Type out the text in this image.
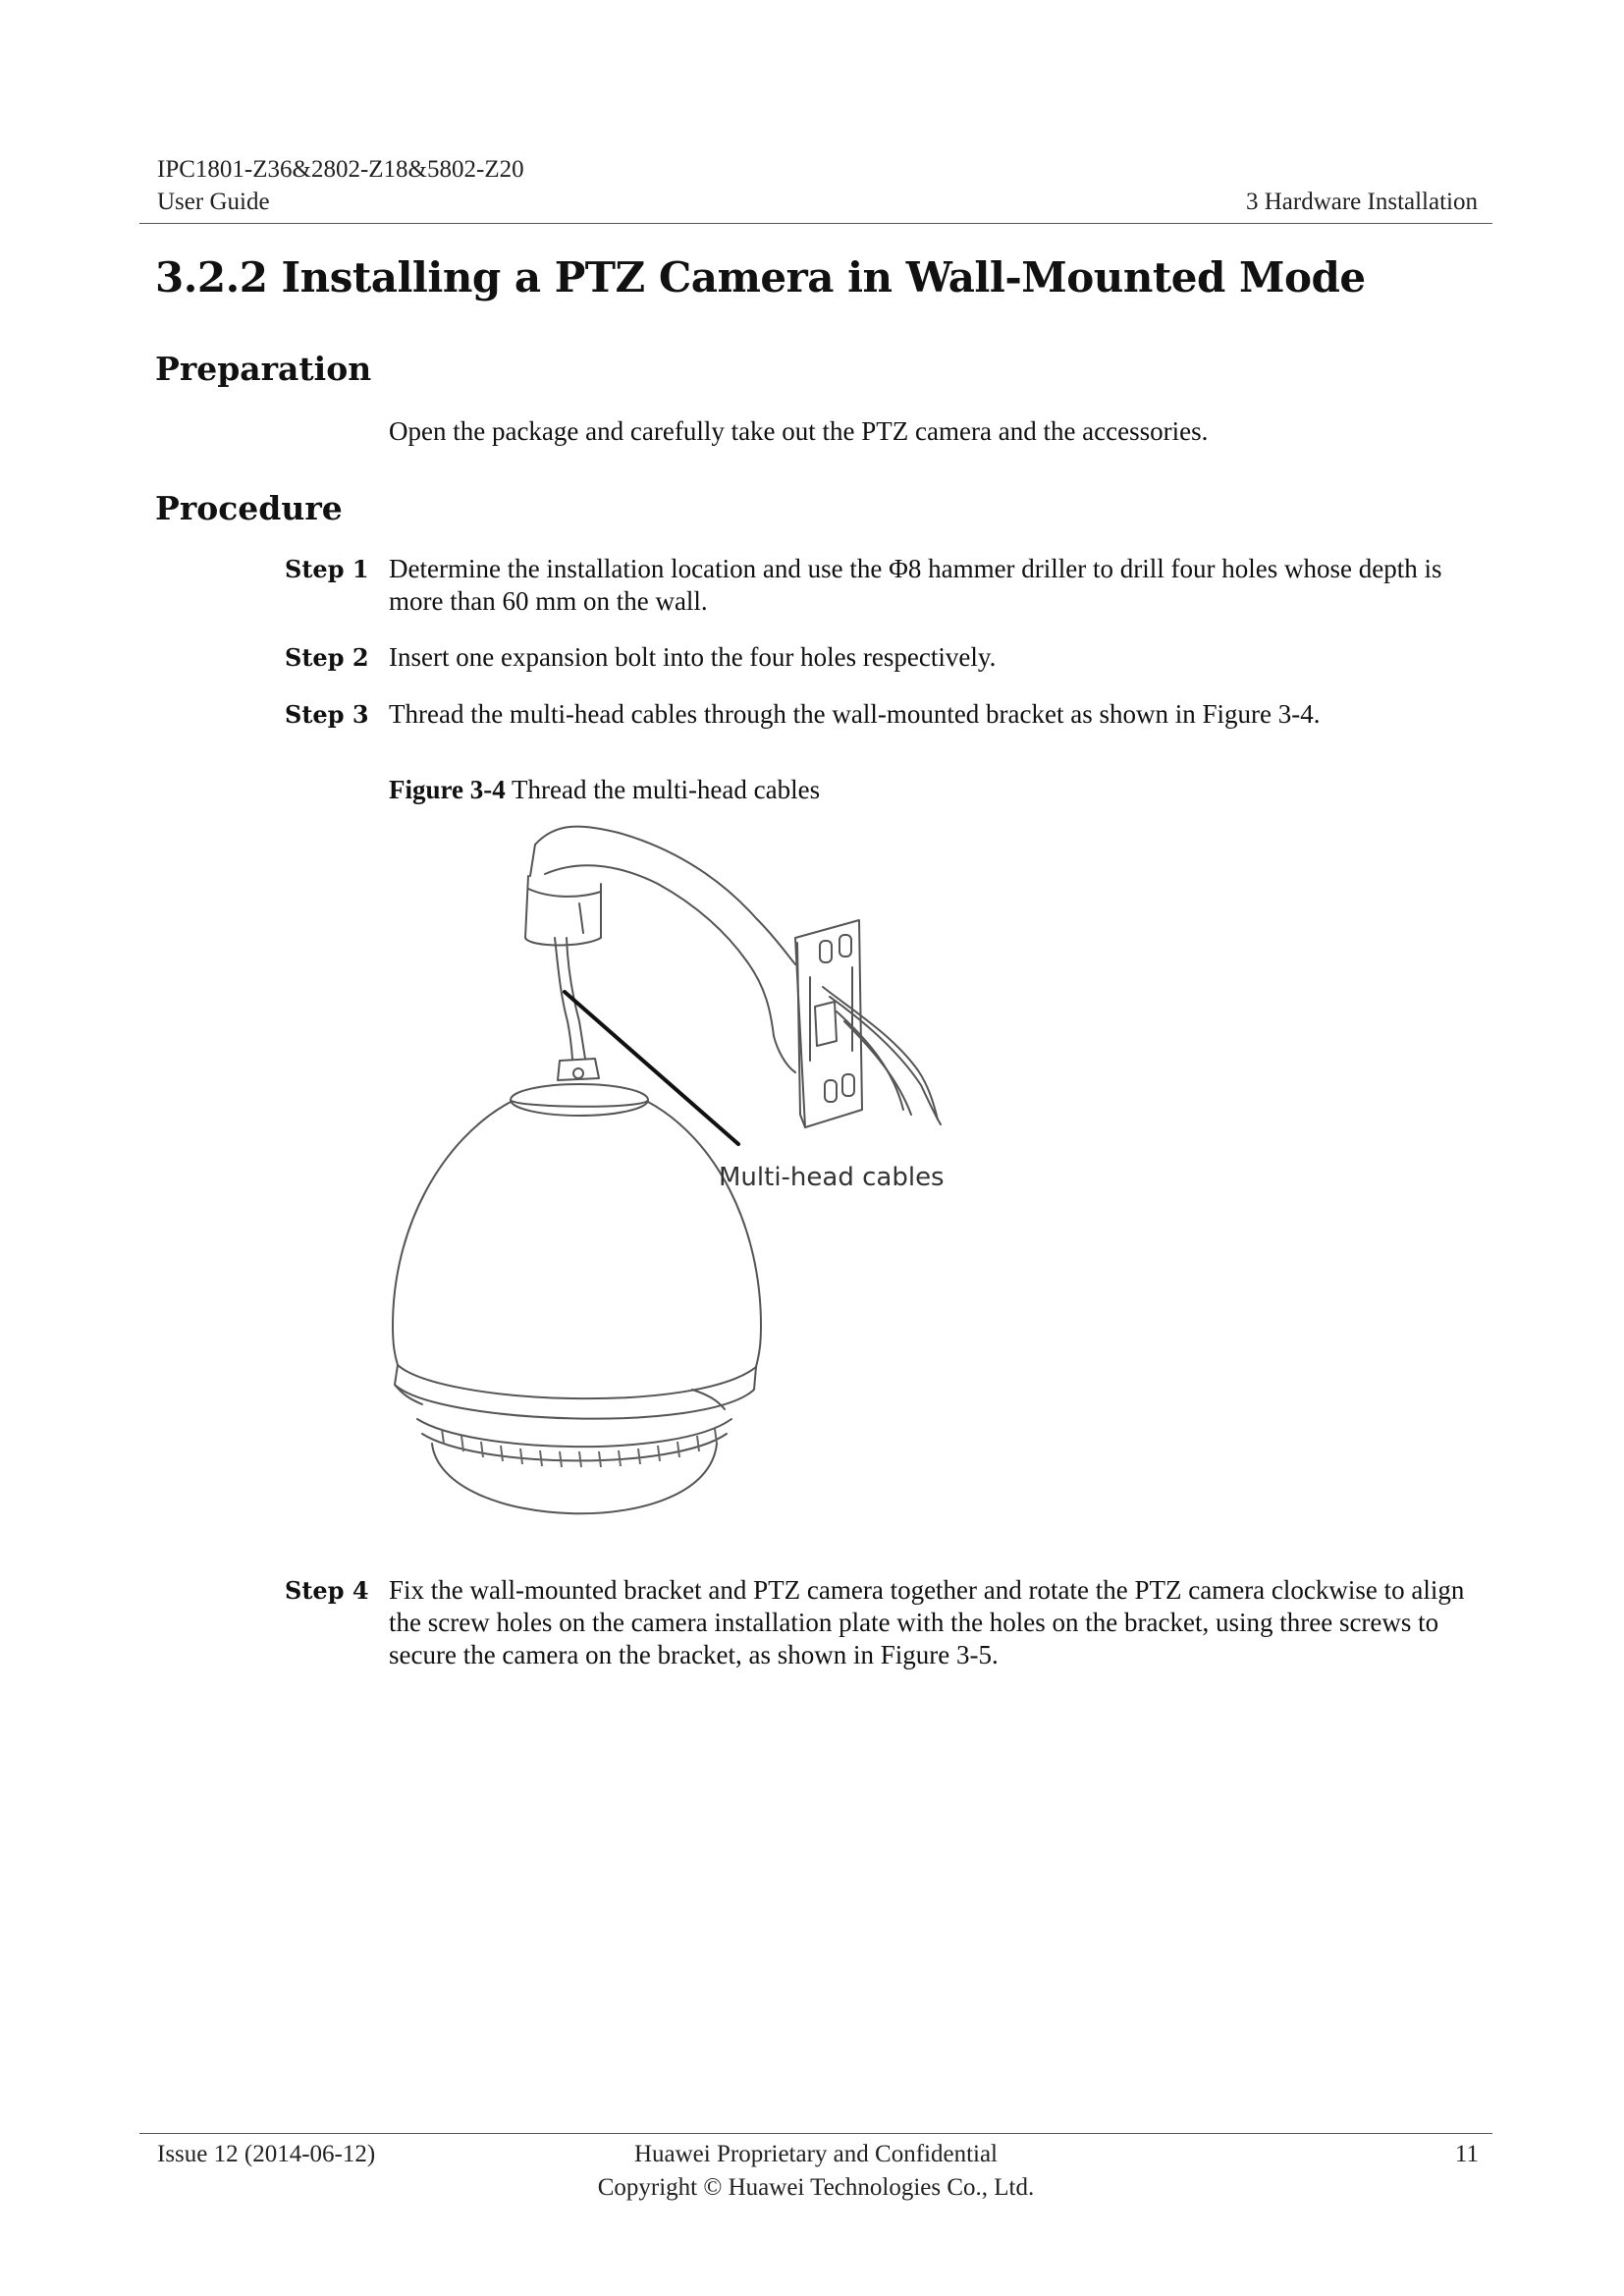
IPC1801-Z36&2802-Z18&5802-Z20
User Guide	3 Hardware Installation
3.2.2 Installing a PTZ Camera in Wall-Mounted Mode
Preparation
Open the package and carefully take out the PTZ camera and the accessories.
Procedure
Step 1 Determine the installation location and use the Φ8 hammer driller to drill four holes whose depth is more than 60 mm on the wall.
Step 2 Insert one expansion bolt into the four holes respectively.
Step 3 Thread the multi-head cables through the wall-mounted bracket as shown in Figure 3-4.
Figure 3-4 Thread the multi-head cables
Multi-head cables
Step 4 Fix the wall-mounted bracket and PTZ camera together and rotate the PTZ camera clockwise to align the screw holes on the camera installation plate with the holes on the bracket, using three screws to secure the camera on the bracket, as shown in Figure 3-5.
Issue 12 (2014-06-12)	Huawei Proprietary and Confidential
Copyright © Huawei Technologies Co., Ltd.
11
